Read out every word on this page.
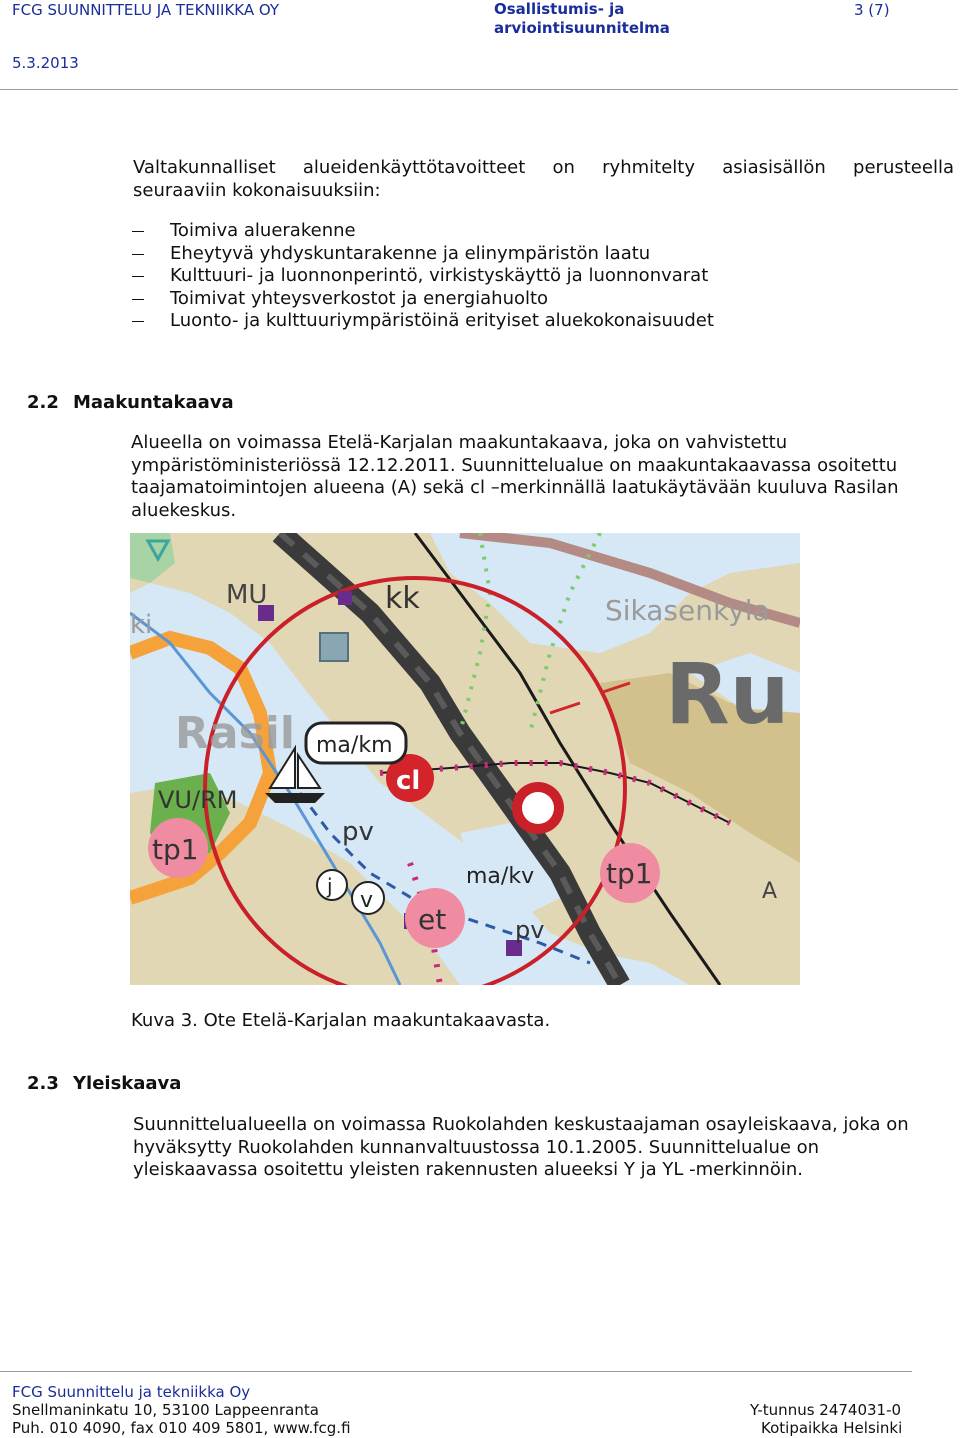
FCG SUUNNITTELU JA TEKNIIKKA OY	Osallistumis- ja
arviointisuunnitelma
3 (7)
5.3.2013
Valtakunnalliset alueidenkäyttötavoitteet on ryhmitelty asiasisällön perusteella
seuraaviin kokonaisuuksiin:
Toimiva aluerakenne
Eheytyvä yhdyskuntarakenne ja elinympäristön laatu
Kulttuuri- ja luonnonperintö, virkistyskäyttö ja luonnonvarat
Toimivat yhteysverkostot ja energiahuolto
Luonto- ja kulttuuriympäristöinä erityiset aluekokonaisuudet
2.2 Maakuntakaava
Alueella on voimassa Etelä-Karjalan maakuntakaava, joka on vahvistettu
ympäristöministeriössä 12.12.2011. Suunnittelualue on maakuntakaavassa osoitettu
taajamatoimintojen alueena (A) sekä cl –merkinnällä laatukäytävään kuuluva Rasilan
aluekeskus.
MU	kk	Sikasenkyla
Ru
Rasil
ki
ma/km
cl
VU/RM
tp1
pv
ma/kv	tp1
A
j
v
et	pv
Kuva 3. Ote Etelä-Karjalan maakuntakaavasta.
2.3 Yleiskaava
Suunnittelualueella on voimassa Ruokolahden keskustaajaman osayleiskaava, joka on
hyväksytty Ruokolahden kunnanvaltuustossa 10.1.2005. Suunnittelualue on
yleiskaavassa osoitettu yleisten rakennusten alueeksi Y ja YL -merkinnöin.
FCG Suunnittelu ja tekniikka Oy
Snellmaninkatu 10, 53100 Lappeenranta
Puh. 010 4090, fax 010 409 5801, www.fcg.fi
Y-tunnus 2474031-0
Kotipaikka Helsinki
